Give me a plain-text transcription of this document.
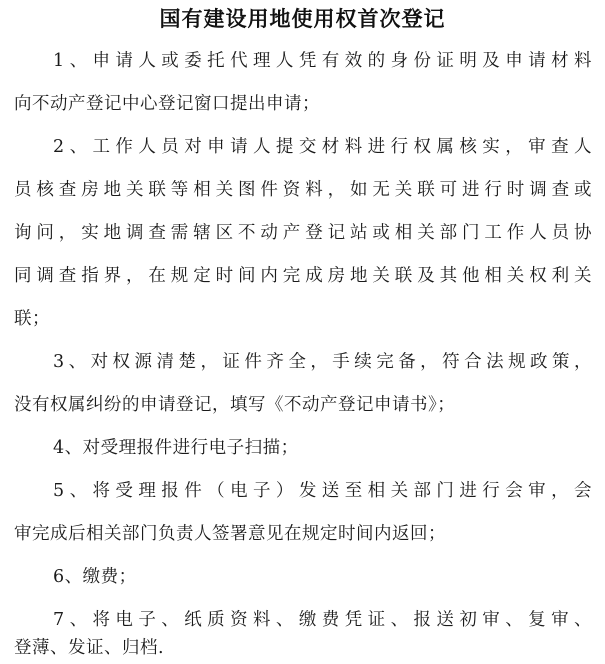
国有建设用地使用权首次登记
1、申请人或委托代理人凭有效的身份证明及申请材料
向不动产登记中心登记窗口提出申请；
2、工作人员对申请人提交材料进行权属核实，审查人
员核查房地关联等相关图件资料，如无关联可进行时调查或
询问，实地调查需辖区不动产登记站或相关部门工作人员协
同调查指界，在规定时间内完成房地关联及其他相关权利关
联；
3、对权源清楚，证件齐全，手续完备，符合法规政策，
没有权属纠纷的申请登记，填写《不动产登记申请书》；
4、对受理报件进行电子扫描；
5、将受理报件（电子）发送至相关部门进行会审，会
审完成后相关部门负责人签署意见在规定时间内返回；
6、缴费；
7、将电子、纸质资料、缴费凭证、报送初审、复审、
登薄、发证、归档.
